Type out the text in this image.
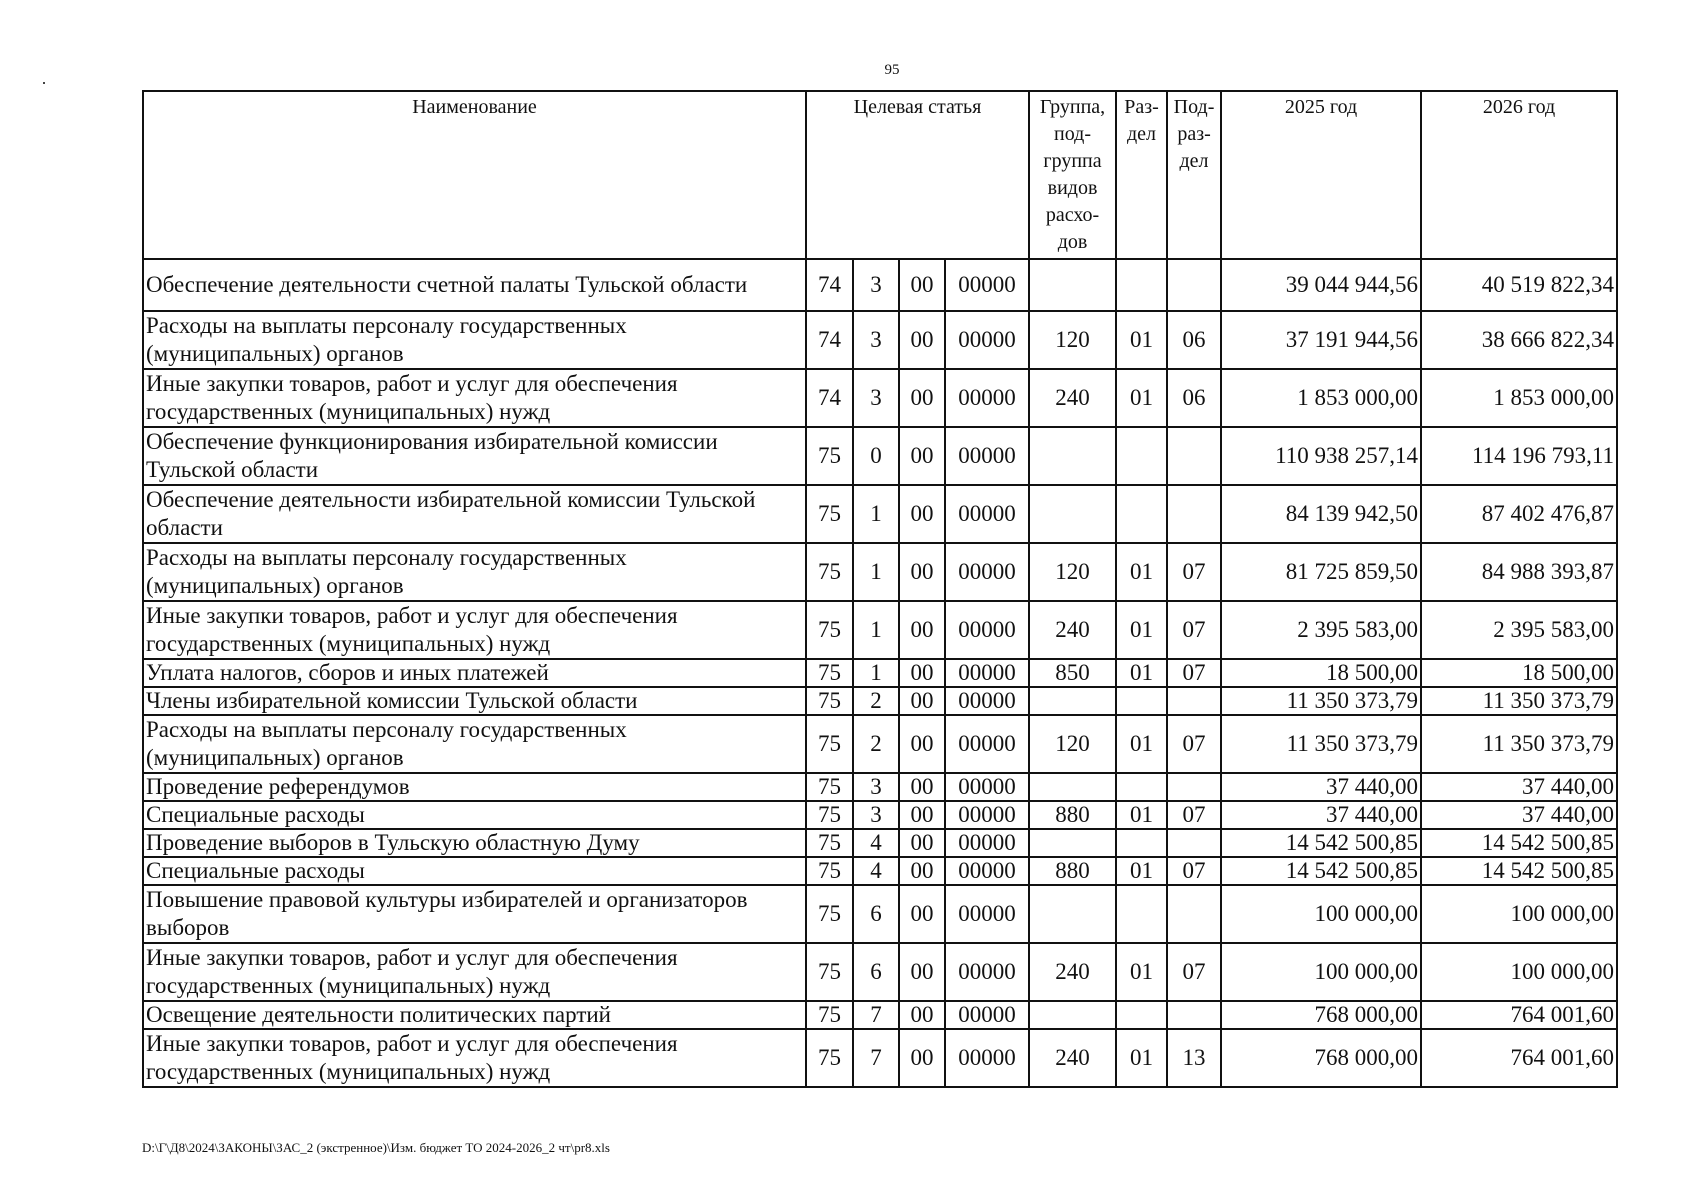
95
Наименование	Целевая статья				Группа, под-группа видов расхо-дов	Раз-дел	Под-раз-дел	2025 год	2026 год
Обеспечение деятельности счетной палаты Тульской области	74	3	00	00000				39 044 944,56	40 519 822,34
Расходы на выплаты персоналу государственных (муниципальных) органов	74	3	00	00000	120	01	06	37 191 944,56	38 666 822,34
Иные закупки товаров, работ и услуг для обеспечения государственных (муниципальных) нужд	74	3	00	00000	240	01	06	1 853 000,00	1 853 000,00
Обеспечение функционирования избирательной комиссии Тульской области	75	0	00	00000				110 938 257,14	114 196 793,11
Обеспечение деятельности избирательной комиссии Тульской области	75	1	00	00000				84 139 942,50	87 402 476,87
Расходы на выплаты персоналу государственных (муниципальных) органов	75	1	00	00000	120	01	07	81 725 859,50	84 988 393,87
Иные закупки товаров, работ и услуг для обеспечения государственных (муниципальных) нужд	75	1	00	00000	240	01	07	2 395 583,00	2 395 583,00
Уплата налогов, сборов и иных платежей	75	1	00	00000	850	01	07	18 500,00	18 500,00
Члены избирательной комиссии Тульской области	75	2	00	00000				11 350 373,79	11 350 373,79
Расходы на выплаты персоналу государственных (муниципальных) органов	75	2	00	00000	120	01	07	11 350 373,79	11 350 373,79
Проведение референдумов	75	3	00	00000				37 440,00	37 440,00
Специальные расходы	75	3	00	00000	880	01	07	37 440,00	37 440,00
Проведение выборов в Тульскую областную Думу	75	4	00	00000				14 542 500,85	14 542 500,85
Специальные расходы	75	4	00	00000	880	01	07	14 542 500,85	14 542 500,85
Повышение правовой культуры избирателей и организаторов выборов	75	6	00	00000				100 000,00	100 000,00
Иные закупки товаров, работ и услуг для обеспечения государственных (муниципальных) нужд	75	6	00	00000	240	01	07	100 000,00	100 000,00
Освещение деятельности политических партий	75	7	00	00000				768 000,00	764 001,60
Иные закупки товаров, работ и услуг для обеспечения государственных (муниципальных) нужд	75	7	00	00000	240	01	13	768 000,00	764 001,60
D:\Г\Д8\2024\ЗАКОНЫ\ЗАС_2 (экстренное)\Изм. бюджет ТО 2024-2026_2 чт\pr8.xls
